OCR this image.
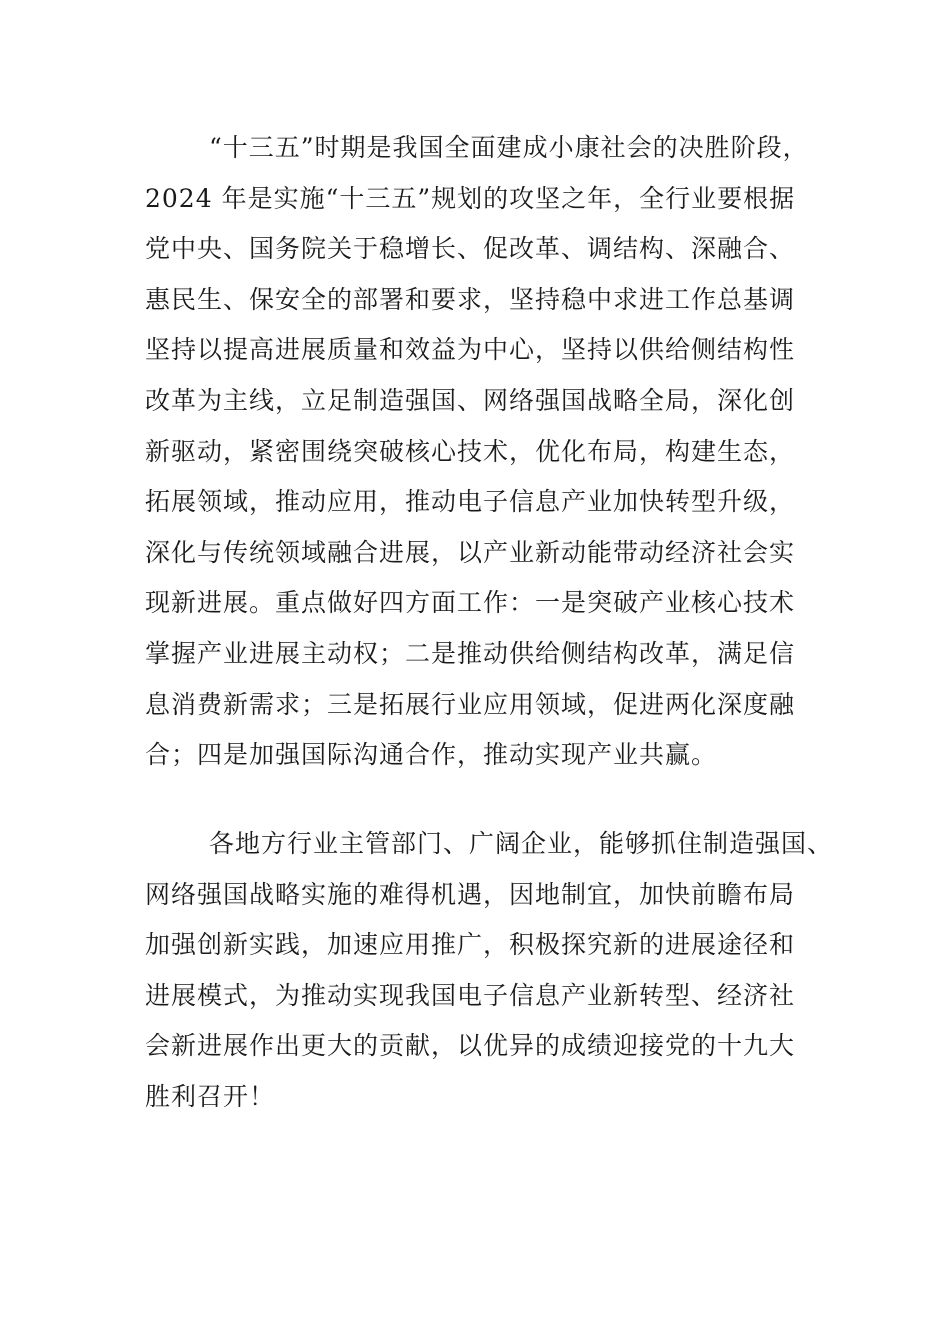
“十三五”时期是我国全面建成小康社会的决胜阶段，
2024 年是实施“十三五”规划的攻坚之年，全行业要根据
党中央、国务院关于稳增长、促改革、调结构、深融合、
惠民生、保安全的部署和要求，坚持稳中求进工作总基调
坚持以提高进展质量和效益为中心，坚持以供给侧结构性
改革为主线，立足制造强国、网络强国战略全局，深化创
新驱动，紧密围绕突破核心技术，优化布局，构建生态，
拓展领域，推动应用，推动电子信息产业加快转型升级，
深化与传统领域融合进展，以产业新动能带动经济社会实
现新进展。重点做好四方面工作：一是突破产业核心技术
掌握产业进展主动权；二是推动供给侧结构改革，满足信
息消费新需求；三是拓展行业应用领域，促进两化深度融
合；四是加强国际沟通合作，推动实现产业共赢。
各地方行业主管部门、广阔企业，能够抓住制造强国、
网络强国战略实施的难得机遇，因地制宜，加快前瞻布局
加强创新实践，加速应用推广，积极探究新的进展途径和
进展模式，为推动实现我国电子信息产业新转型、经济社
会新进展作出更大的贡献，以优异的成绩迎接党的十九大
胜利召开！
